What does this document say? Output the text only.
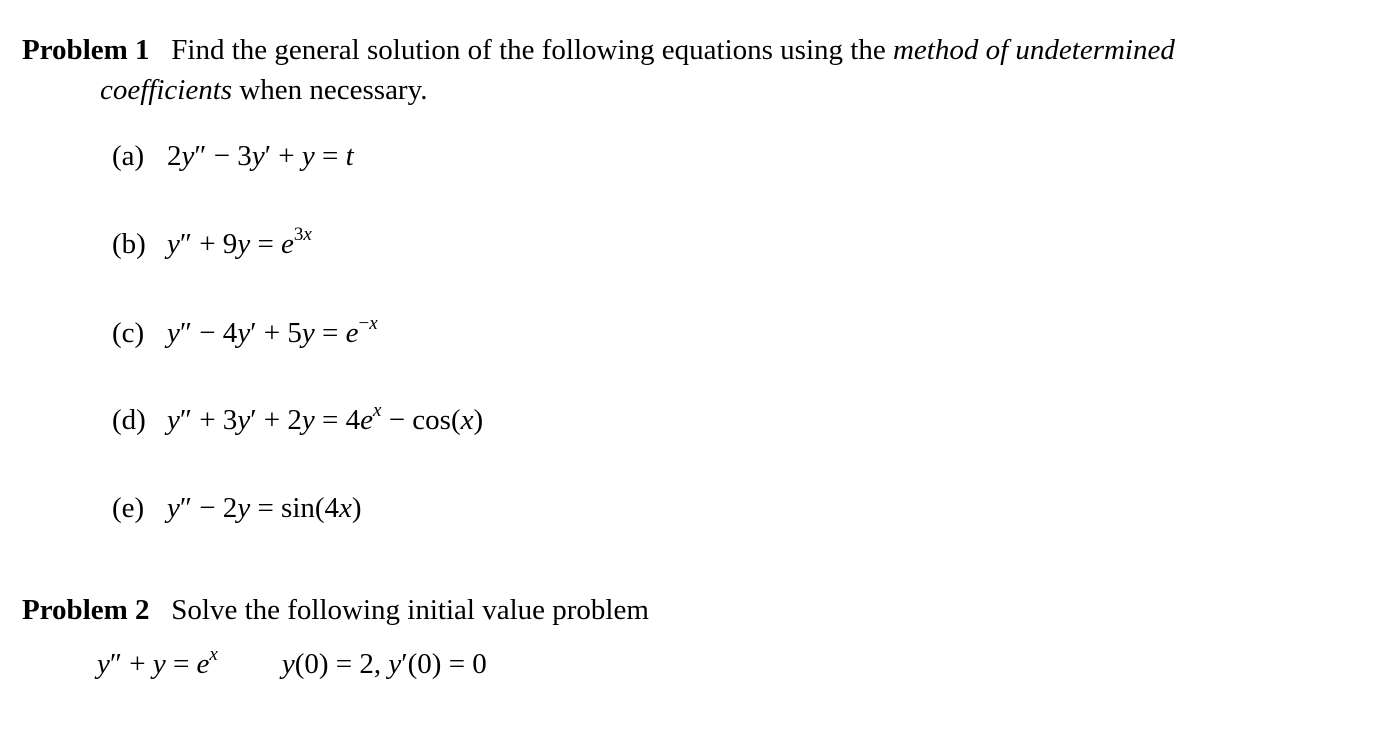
Problem 1 Find the general solution of the following equations using the method of undetermined
coefficients when necessary.
(a) 2y″ − 3y′ + y = t
(b) $y'' + 9y = e^{3x}$
(c) $y'' - 4y' + 5y = e^{-x}$
(d) $y'' + 3y' + 2y = 4e^x - \cos(x)$
(e) y″ − 2y = sin(4x)
Problem 2 Solve the following initial value problem
$y'' + y = e^x$ y(0) = 2, y′(0) = 0
